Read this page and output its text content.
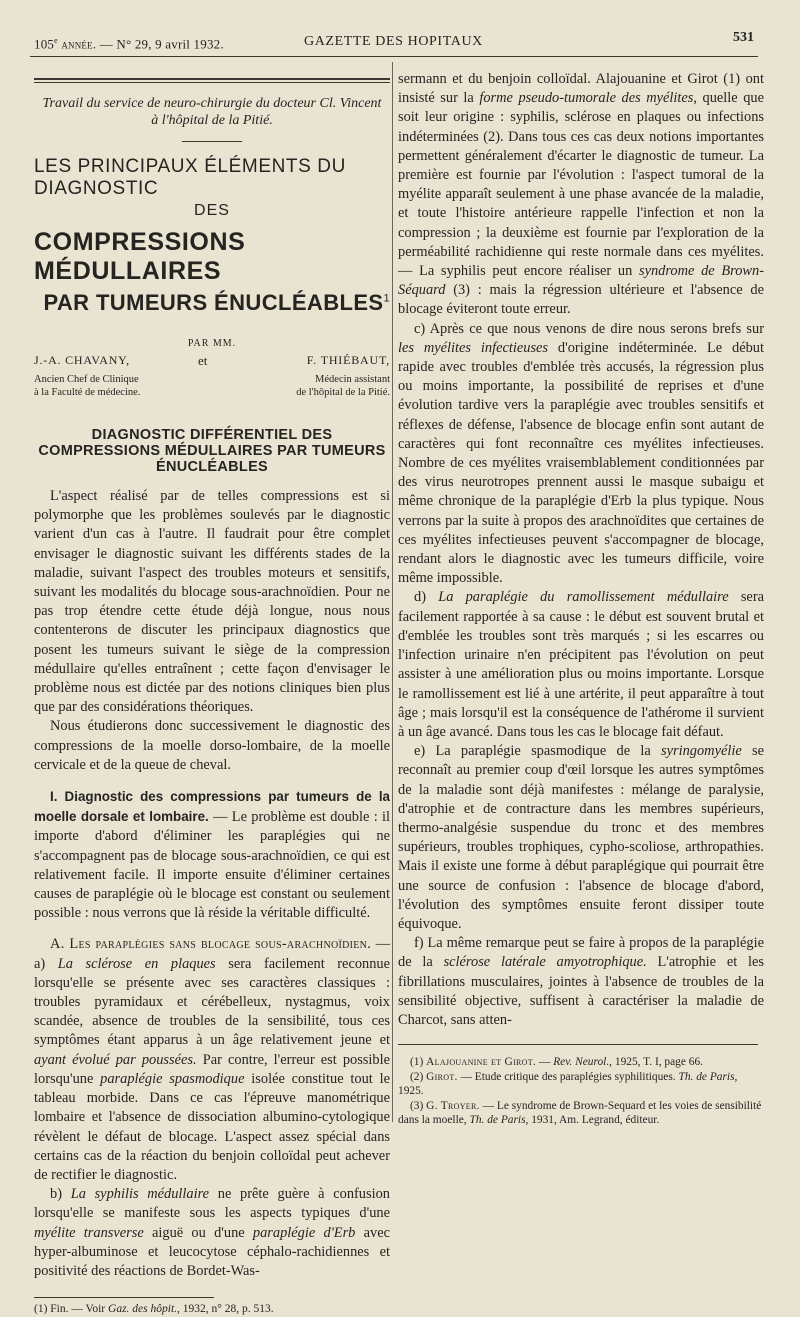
105e année. — N° 29, 9 avril 1932.	GAZETTE DES HOPITAUX	531
Travail du service de neuro-chirurgie du docteur Cl. Vincent
à l'hôpital de la Pitié.
LES PRINCIPAUX ÉLÉMENTS DU DIAGNOSTIC
DES
COMPRESSIONS MÉDULLAIRES
PAR TUMEURS ÉNUCLÉABLES$^1$
PAR MM.
J.-A. CHAVANY,
Ancien Chef de Clinique
à la Faculté de médecine.
et	F. THIÉBAUT,
Médecin assistant
de l'hôpital de la Pitié.
DIAGNOSTIC DIFFÉRENTIEL DES COMPRESSIONS MÉDULLAIRES PAR TUMEURS ÉNUCLÉABLES

L'aspect réalisé par de telles compressions est si polymorphe que les problèmes soulevés par le diagnostic varient d'un cas à l'autre. Il faudrait pour être complet envisager le diagnostic suivant les différents stades de la maladie, suivant l'aspect des troubles moteurs et sensitifs, suivant les modalités du blocage sous-arachnoïdien. Pour ne pas trop étendre cette étude déjà longue, nous nous contenterons de discuter les principaux diagnostics que posent les tumeurs suivant le siège de la compression médullaire qu'elles entraînent ; cette façon d'envisager le problème nous est dictée par des notions cliniques bien plus que par des considérations théoriques.

Nous étudierons donc successivement le diagnostic des compressions de la moelle dorso-lombaire, de la moelle cervicale et de la queue de cheval.

I. Diagnostic des compressions par tumeurs de la moelle dorsale et lombaire. — Le problème est double : il importe d'abord d'éliminer les paraplégies qui ne s'accompagnent pas de blocage sous-arachnoïdien, ce qui est relativement facile. Il importe ensuite d'éliminer certaines causes de paraplégie où le blocage est constant ou seulement possible : nous verrons que là réside la véritable difficulté.

A. Les paraplégies sans blocage sous-arachnoïdien. — a) La sclérose en plaques sera facilement reconnue lorsqu'elle se présente avec ses caractères classiques : troubles pyramidaux et cérébelleux, nystagmus, voix scandée, absence de troubles de la sensibilité, tous ces symptômes étant apparus à un âge relativement jeune et ayant évolué par poussées. Par contre, l'erreur est possible lorsqu'une paraplégie spasmodique isolée constitue tout le tableau morbide. Dans ce cas l'épreuve manométrique lombaire et l'absence de dissociation albumino-cytologique révèlent le défaut de blocage. L'aspect assez spécial dans certains cas de la réaction du benjoin colloïdal peut achever de rectifier le diagnostic.

b) La syphilis médullaire ne prête guère à confusion lorsqu'elle se manifeste sous les aspects typiques d'une myélite transverse aiguë ou d'une paraplégie d'Erb avec hyper-albuminose et leucocytose céphalo-rachidiennes et positivité des réactions de Bordet-Was-

(1) Fin. — Voir Gaz. des hôpit., 1932, n° 28, p. 513.

sermann et du benjoin colloïdal. Alajouanine et Girot (1) ont insisté sur la forme pseudo-tumorale des myélites, quelle que soit leur origine : syphilis, sclérose en plaques ou infections indéterminées (2). Dans tous ces cas deux notions importantes permettent généralement d'écarter le diagnostic de tumeur. La première est fournie par l'évolution : l'aspect tumoral de la myélite apparaît seulement à une phase avancée de la maladie, et toute l'histoire antérieure rappelle l'infection et non la compression ; la deuxième est fournie par l'exploration de la perméabilité rachidienne qui reste normale dans ces myélites. — La syphilis peut encore réaliser un syndrome de Brown-Séquard (3) : mais la régression ultérieure et l'absence de blocage éviteront toute erreur.

c) Après ce que nous venons de dire nous serons brefs sur les myélites infectieuses d'origine indéterminée. Le début rapide avec troubles d'emblée très accusés, la régression plus ou moins importante, la possibilité de reprises et d'une évolution tardive vers la paraplégie avec troubles sensitifs et réflexes de défense, l'absence de blocage enfin sont autant de caractères qui font reconnaître ces myélites infectieuses. Nombre de ces myélites vraisemblablement conditionnées par des virus neurotropes prennent aussi le masque subaigu et même chronique de la paraplégie d'Erb la plus typique. Nous verrons par la suite à propos des arachnoïdites que certaines de ces myélites infectieuses peuvent s'accompagner de blocage, rendant alors le diagnostic avec les tumeurs difficile, voire même impossible.

d) La paraplégie du ramollissement médullaire sera facilement rapportée à sa cause : le début est souvent brutal et d'emblée les troubles sont très marqués ; si les escarres ou l'infection urinaire n'en précipitent pas l'évolution on peut assister à une amélioration plus ou moins importante. Lorsque le ramollissement est lié à une artérite, il peut apparaître à tout âge ; mais lorsqu'il est la conséquence de l'athérome il survient à un âge avancé. Dans tous les cas le blocage fait défaut.

e) La paraplégie spasmodique de la syringomyélie se reconnaît au premier coup d'œil lorsque les autres symptômes de la maladie sont déjà manifestes : mélange de paralysie, d'atrophie et de contracture dans les membres supérieurs, thermo-analgésie suspendue du tronc et des membres supérieurs, troubles trophiques, cypho-scoliose, arthropathies. Mais il existe une forme à début paraplégique qui pourrait être une source de confusion : l'absence de blocage d'abord, l'évolution des symptômes ensuite feront dissiper toute équivoque.

f) La même remarque peut se faire à propos de la paraplégie de la sclérose latérale amyotrophique. L'atrophie et les fibrillations musculaires, jointes à l'absence de troubles de la sensibilité objective, suffisent à caractériser la maladie de Charcot, sans atten-

(1) Alajouanine et Girot. — Rev. Neurol., 1925, T. I, page 66.
(2) Girot. — Etude critique des paraplégies syphilitiques. Th. de Paris, 1925.
(3) G. Troyer. — Le syndrome de Brown-Sequard et les voies de sensibilité dans la moelle, Th. de Paris, 1931, Am. Legrand, éditeur.
